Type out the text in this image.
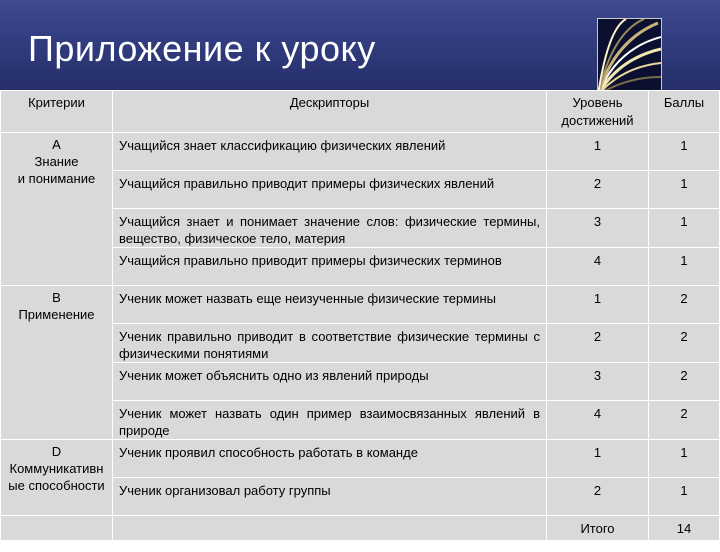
Приложение к уроку
Критерии	Дескрипторы	Уровень достижений	Баллы
А
Знание
и понимание	Учащийся знает классификацию физических явлений	1	1
	Учащийся правильно приводит примеры физических явлений	2	1
	Учащийся знает и понимает значение слов: физические термины, вещество, физическое тело, материя	3	1
	Учащийся правильно приводит примеры физических терминов	4	1
В
Применение	Ученик может назвать еще неизученные физические термины	1	2
	Ученик правильно приводит в соответствие физические термины с физическими понятиями	2	2
	Ученик может объяснить одно из явлений природы	3	2
	Ученик может назвать один пример взаимосвязанных явлений в природе	4	2
D
Коммуникативн
ые способности	Ученик проявил способность работать в команде	1	1
	Ученик организовал работу группы	2	1
		Итого	14
